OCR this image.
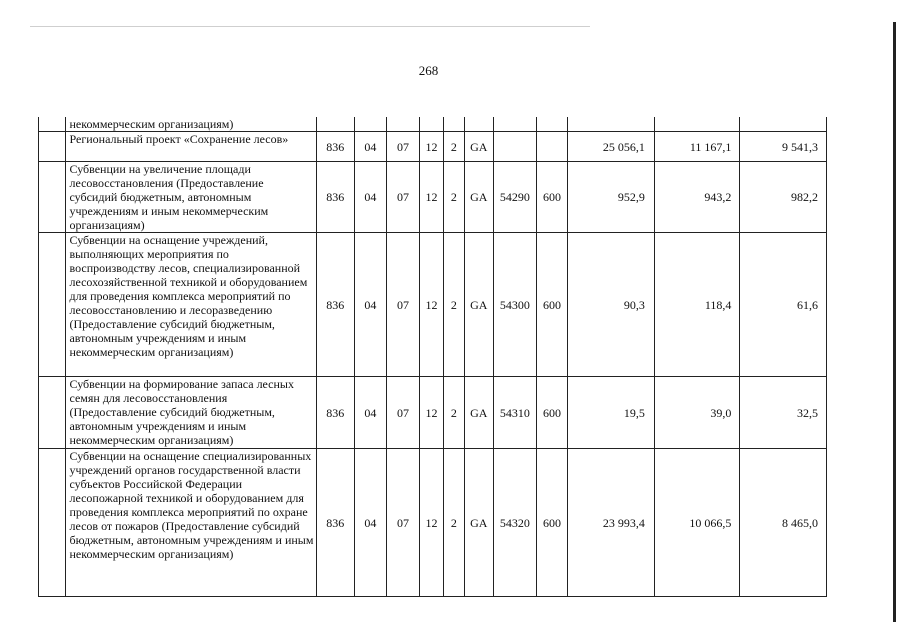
268
	некоммерческим организациям)											
	Региональный проект «Сохранение лесов»	836	04	07	12	2	GA			25 056,1	11 167,1	9 541,3
	Субвенции на увеличение площади лесовосстановления (Предоставление субсидий бюджетным, автономным учреждениям и иным некоммерческим организациям)	836	04	07	12	2	GA	54290	600	952,9	943,2	982,2
	Субвенции на оснащение учреждений, выполняющих мероприятия по воспроизводству лесов, специализированной лесохозяйственной техникой и оборудованием для проведения комплекса мероприятий по лесовосстановлению и лесоразведению (Предоставление субсидий бюджетным, автономным учреждениям и иным некоммерческим организациям)	836	04	07	12	2	GA	54300	600	90,3	118,4	61,6
	Субвенции на формирование запаса лесных семян для лесовосстановления (Предоставление субсидий бюджетным, автономным учреждениям и иным некоммерческим организациям)	836	04	07	12	2	GA	54310	600	19,5	39,0	32,5
	Субвенции на оснащение специализированных учреждений органов государственной власти субъектов Российской Федерации лесопожарной техникой и оборудованием для проведения комплекса мероприятий по охране лесов от пожаров (Предоставление субсидий бюджетным, автономным учреждениям и иным некоммерческим организациям)	836	04	07	12	2	GA	54320	600	23 993,4	10 066,5	8 465,0
